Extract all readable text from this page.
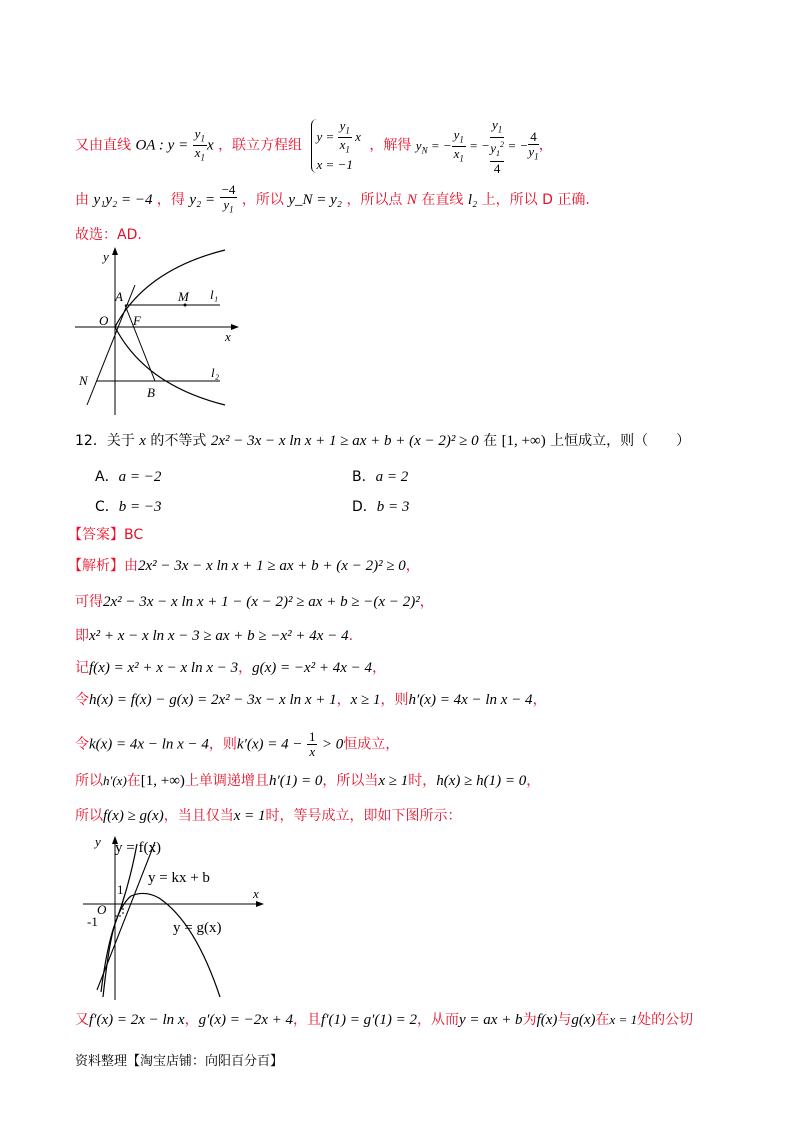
又由直线 OA : $y = \frac{y_1}{x_1}$ x ，联立方程组
$y = \frac{y_1}{x_1}$ x
x = −1
，解得 $y_N$ = − $\frac{y_1}{x_1}$ = − $y_1$
$y_1^2$
4 = − $\frac{4}{y_1}$ ，
由 y₁y₂ = −4 ，得 $y_2 = \frac{-4}{y_1}$ ，所以 y_N = y₂ ，所以点 N 在直线 l₂ 上，所以 D 正确.
故选：AD.
y
A	M l₁
O F
x
N
l₂
B
12．关于 x 的不等式 2x² − 3x − x ln x + 1 ≥ ax + b + (x − 2)² ≥ 0 在 [1, +∞) 上恒成立，则（　　）
A．a = −2	B．a = 2
C．b = −3	D．b = 3
【答案】BC
【解析】由2x² − 3x − x ln x + 1 ≥ ax + b + (x − 2)² ≥ 0，
可得2x² − 3x − x ln x + 1 − (x − 2)² ≥ ax + b ≥ −(x − 2)²，
即x² + x − x ln x − 3 ≥ ax + b ≥ −x² + 4x − 4.
记f(x) = x² + x − x ln x − 3，g(x) = −x² + 4x − 4，
令h(x) = f(x) − g(x) = 2x² − 3x − x ln x + 1，x ≥ 1，则h′(x) = 4x − ln x − 4，
令k(x) = 4x − ln x − 4，则$k'(x) = 4 - \frac{1}{x} > 0$恒成立，
所以h′(x)在[1, +∞)上单调递增且h′(1) = 0，所以当x ≥ 1时，h(x) ≥ h(1) = 0，
所以f(x) ≥ g(x)，当且仅当x = 1时，等号成立，即如下图所示：
y y = f(x)
y = kx + b
1
O
-1
x
y = g(x)
又f′(x) = 2x − ln x，g′(x) = −2x + 4，且f′(1) = g′(1) = 2，从而y = ax + b为f(x)与g(x)在x = 1处的公切
资料整理【淘宝店铺：向阳百分百】
